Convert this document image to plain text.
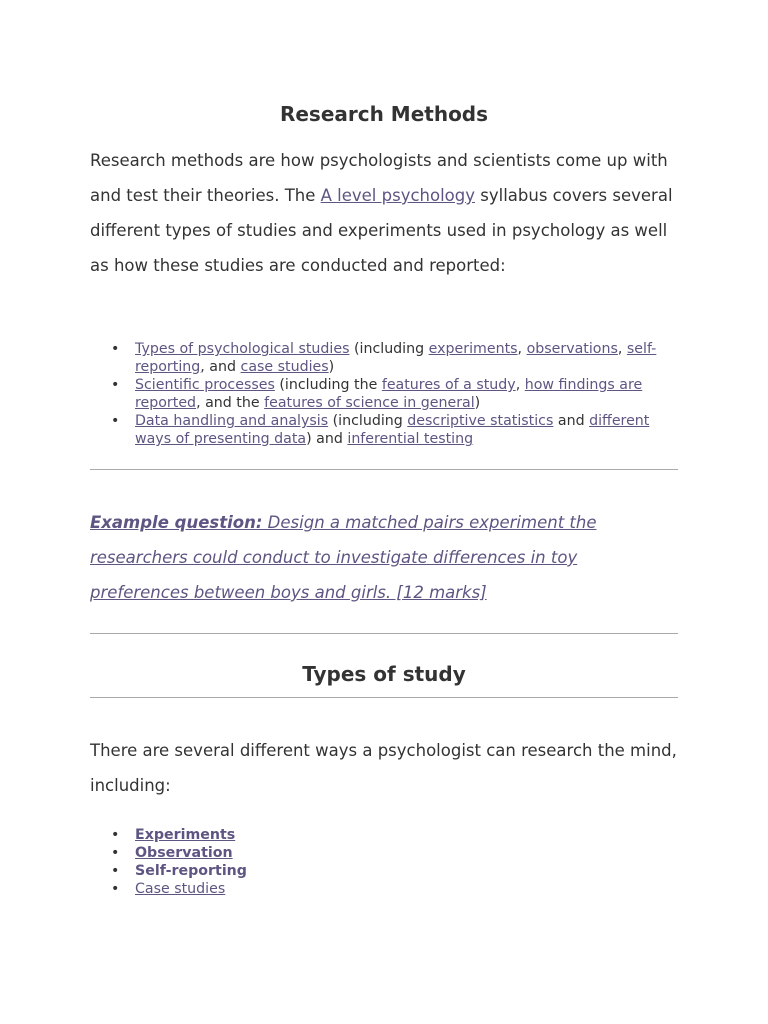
Research Methods

Research methods are how psychologists and scientists come up with and test their theories. The A level psychology syllabus covers several different types of studies and experiments used in psychology as well as how these studies are conducted and reported:

• Types of psychological studies (including experiments, observations, self-reporting, and case studies)
• Scientific processes (including the features of a study, how findings are reported, and the features of science in general)
• Data handling and analysis (including descriptive statistics and different ways of presenting data) and inferential testing

Example question: Design a matched pairs experiment the researchers could conduct to investigate differences in toy preferences between boys and girls. [12 marks]

Types of study

There are several different ways a psychologist can research the mind, including:

• Experiments
• Observation
• Self-reporting
• Case studies
